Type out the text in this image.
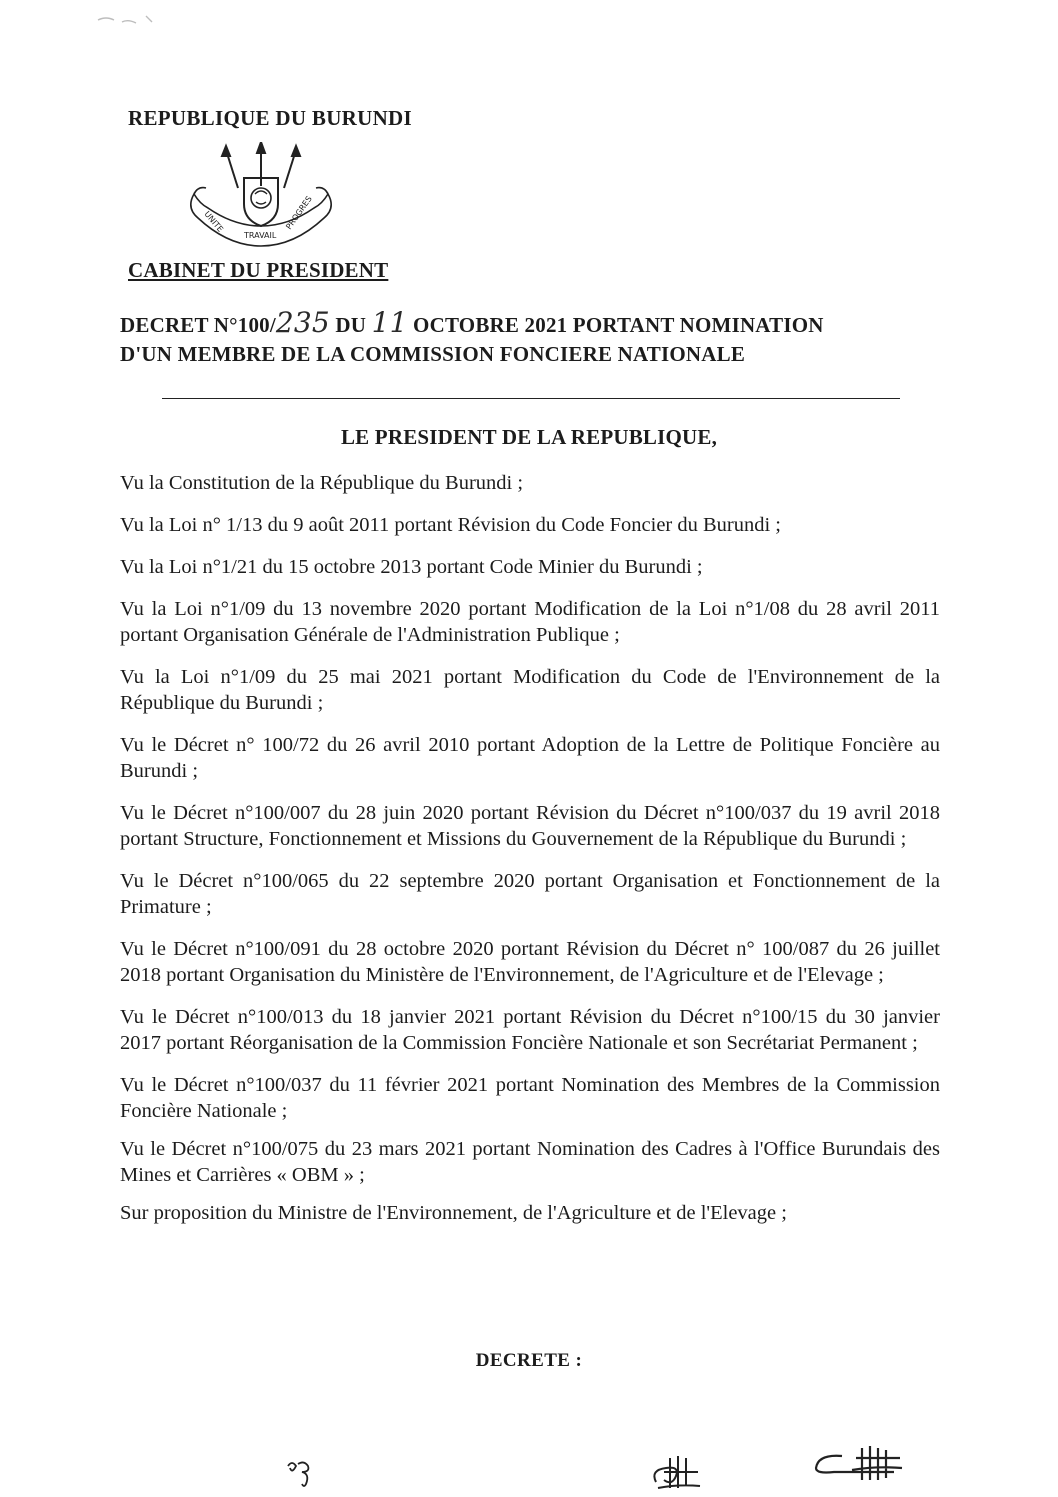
REPUBLIQUE DU BURUNDI
UNITE
TRAVAIL
PROGRES
CABINET DU PRESIDENT
DECRET N°100/235 DU 11 OCTOBRE 2021 PORTANT NOMINATION
D'UN MEMBRE DE LA COMMISSION FONCIERE NATIONALE
LE PRESIDENT DE LA REPUBLIQUE,
Vu la Constitution de la République du Burundi ;
Vu la Loi n° 1/13 du 9 août 2011 portant Révision du Code Foncier du Burundi ;
Vu la Loi n°1/21 du 15 octobre 2013 portant Code Minier du Burundi ;
Vu la Loi n°1/09 du 13 novembre 2020 portant Modification de la Loi n°1/08 du 28 avril 2011 portant Organisation Générale de l'Administration Publique ;
Vu la Loi n°1/09 du 25 mai 2021 portant Modification du Code de l'Environnement de la République du Burundi ;
Vu le Décret n° 100/72 du 26 avril 2010 portant Adoption de la Lettre de Politique Foncière au Burundi ;
Vu le Décret n°100/007 du 28 juin 2020 portant Révision du Décret n°100/037 du 19 avril 2018 portant Structure, Fonctionnement et Missions du Gouvernement de la République du Burundi ;
Vu le Décret n°100/065 du 22 septembre 2020 portant Organisation et Fonctionnement de la Primature ;
Vu le Décret n°100/091 du 28 octobre 2020 portant Révision du Décret n° 100/087 du 26 juillet 2018 portant Organisation du Ministère de l'Environnement, de l'Agriculture et de l'Elevage ;
Vu le Décret n°100/013 du 18 janvier 2021 portant Révision du Décret n°100/15 du 30 janvier 2017 portant Réorganisation de la Commission Foncière Nationale et son Secrétariat Permanent ;
Vu le Décret n°100/037 du 11 février 2021 portant Nomination des Membres de la Commission Foncière Nationale ;
Vu le Décret n°100/075 du 23 mars 2021 portant Nomination des Cadres à l'Office Burundais des Mines et Carrières « OBM » ;
Sur proposition du Ministre de l'Environnement, de l'Agriculture et de l'Elevage ;
DECRETE :
